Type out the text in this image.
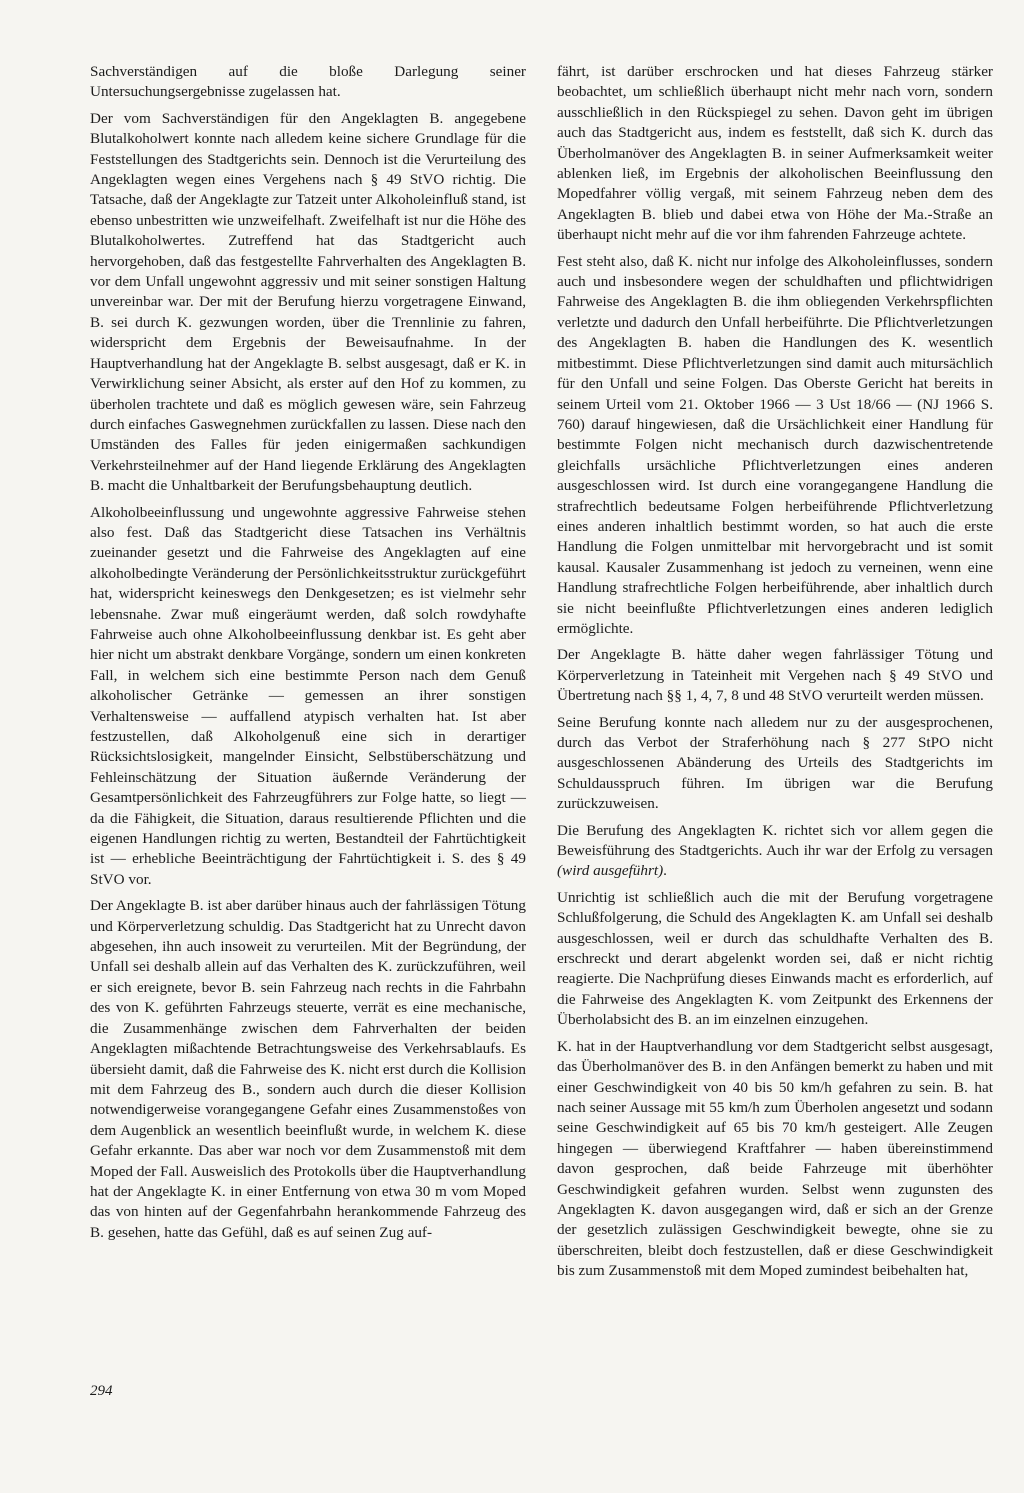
Sachverständigen auf die bloße Darlegung seiner Untersuchungsergebnisse zugelassen hat.

Der vom Sachverständigen für den Angeklagten B. angegebene Blutalkoholwert konnte nach alledem keine sichere Grundlage für die Feststellungen des Stadtgerichts sein. Dennoch ist die Verurteilung des Angeklagten wegen eines Vergehens nach § 49 StVO richtig. Die Tatsache, daß der Angeklagte zur Tatzeit unter Alkoholeinfluß stand, ist ebenso unbestritten wie unzweifelhaft. Zweifelhaft ist nur die Höhe des Blutalkoholwertes. Zutreffend hat das Stadtgericht auch hervorgehoben, daß das festgestellte Fahrverhalten des Angeklagten B. vor dem Unfall ungewohnt aggressiv und mit seiner sonstigen Haltung unvereinbar war. Der mit der Berufung hierzu vorgetragene Einwand, B. sei durch K. gezwungen worden, über die Trennlinie zu fahren, widerspricht dem Ergebnis der Beweisaufnahme. In der Hauptverhandlung hat der Angeklagte B. selbst ausgesagt, daß er K. in Verwirklichung seiner Absicht, als erster auf den Hof zu kommen, zu überholen trachtete und daß es möglich gewesen wäre, sein Fahrzeug durch einfaches Gaswegnehmen zurückfallen zu lassen. Diese nach den Umständen des Falles für jeden einigermaßen sachkundigen Verkehrsteilnehmer auf der Hand liegende Erklärung des Angeklagten B. macht die Unhaltbarkeit der Berufungsbehauptung deutlich.

Alkoholbeeinflussung und ungewohnte aggressive Fahrweise stehen also fest. Daß das Stadtgericht diese Tatsachen ins Verhältnis zueinander gesetzt und die Fahrweise des Angeklagten auf eine alkoholbedingte Veränderung der Persönlichkeitsstruktur zurückgeführt hat, widerspricht keineswegs den Denkgesetzen; es ist vielmehr sehr lebensnahe. Zwar muß eingeräumt werden, daß solch rowdyhafte Fahrweise auch ohne Alkoholbeeinflussung denkbar ist. Es geht aber hier nicht um abstrakt denkbare Vorgänge, sondern um einen konkreten Fall, in welchem sich eine bestimmte Person nach dem Genuß alkoholischer Getränke — gemessen an ihrer sonstigen Verhaltensweise — auffallend atypisch verhalten hat. Ist aber festzustellen, daß Alkoholgenuß eine sich in derartiger Rücksichtslosigkeit, mangelnder Einsicht, Selbstüberschätzung und Fehleinschätzung der Situation äußernde Veränderung der Gesamtpersönlichkeit des Fahrzeugführers zur Folge hatte, so liegt — da die Fähigkeit, die Situation, daraus resultierende Pflichten und die eigenen Handlungen richtig zu werten, Bestandteil der Fahrtüchtigkeit ist — erhebliche Beeinträchtigung der Fahrtüchtigkeit i. S. des § 49 StVO vor.

Der Angeklagte B. ist aber darüber hinaus auch der fahrlässigen Tötung und Körperverletzung schuldig. Das Stadtgericht hat zu Unrecht davon abgesehen, ihn auch insoweit zu verurteilen. Mit der Begründung, der Unfall sei deshalb allein auf das Verhalten des K. zurückzuführen, weil er sich ereignete, bevor B. sein Fahrzeug nach rechts in die Fahrbahn des von K. geführten Fahrzeugs steuerte, verrät es eine mechanische, die Zusammenhänge zwischen dem Fahrverhalten der beiden Angeklagten mißachtende Betrachtungsweise des Verkehrsablaufs. Es übersieht damit, daß die Fahrweise des K. nicht erst durch die Kollision mit dem Fahrzeug des B., sondern auch durch die dieser Kollision notwendigerweise vorangegangene Gefahr eines Zusammenstoßes von dem Augenblick an wesentlich beeinflußt wurde, in welchem K. diese Gefahr erkannte. Das aber war noch vor dem Zusammenstoß mit dem Moped der Fall. Ausweislich des Protokolls über die Hauptverhandlung hat der Angeklagte K. in einer Entfernung von etwa 30 m vom Moped das von hinten auf der Gegenfahrbahn herankommende Fahrzeug des B. gesehen, hatte das Gefühl, daß es auf seinen Zug auf-

fährt, ist darüber erschrocken und hat dieses Fahrzeug stärker beobachtet, um schließlich überhaupt nicht mehr nach vorn, sondern ausschließlich in den Rückspiegel zu sehen. Davon geht im übrigen auch das Stadtgericht aus, indem es feststellt, daß sich K. durch das Überholmanöver des Angeklagten B. in seiner Aufmerksamkeit weiter ablenken ließ, im Ergebnis der alkoholischen Beeinflussung den Mopedfahrer völlig vergaß, mit seinem Fahrzeug neben dem des Angeklagten B. blieb und dabei etwa von Höhe der Ma.-Straße an überhaupt nicht mehr auf die vor ihm fahrenden Fahrzeuge achtete.

Fest steht also, daß K. nicht nur infolge des Alkoholeinflusses, sondern auch und insbesondere wegen der schuldhaften und pflichtwidrigen Fahrweise des Angeklagten B. die ihm obliegenden Verkehrspflichten verletzte und dadurch den Unfall herbeiführte. Die Pflichtverletzungen des Angeklagten B. haben die Handlungen des K. wesentlich mitbestimmt. Diese Pflichtverletzungen sind damit auch mitursächlich für den Unfall und seine Folgen. Das Oberste Gericht hat bereits in seinem Urteil vom 21. Oktober 1966 — 3 Ust 18/66 — (NJ 1966 S. 760) darauf hingewiesen, daß die Ursächlichkeit einer Handlung für bestimmte Folgen nicht mechanisch durch dazwischentretende gleichfalls ursächliche Pflichtverletzungen eines anderen ausgeschlossen wird. Ist durch eine vorangegangene Handlung die strafrechtlich bedeutsame Folgen herbeiführende Pflichtverletzung eines anderen inhaltlich bestimmt worden, so hat auch die erste Handlung die Folgen unmittelbar mit hervorgebracht und ist somit kausal. Kausaler Zusammenhang ist jedoch zu verneinen, wenn eine Handlung strafrechtliche Folgen herbeiführende, aber inhaltlich durch sie nicht beeinflußte Pflichtverletzungen eines anderen lediglich ermöglichte.

Der Angeklagte B. hätte daher wegen fahrlässiger Tötung und Körperverletzung in Tateinheit mit Vergehen nach § 49 StVO und Übertretung nach §§ 1, 4, 7, 8 und 48 StVO verurteilt werden müssen.

Seine Berufung konnte nach alledem nur zu der ausgesprochenen, durch das Verbot der Straferhöhung nach § 277 StPO nicht ausgeschlossenen Abänderung des Urteils des Stadtgerichts im Schuldausspruch führen. Im übrigen war die Berufung zurückzuweisen.

Die Berufung des Angeklagten K. richtet sich vor allem gegen die Beweisführung des Stadtgerichts. Auch ihr war der Erfolg zu versagen (wird ausgeführt).

Unrichtig ist schließlich auch die mit der Berufung vorgetragene Schlußfolgerung, die Schuld des Angeklagten K. am Unfall sei deshalb ausgeschlossen, weil er durch das schuldhafte Verhalten des B. erschreckt und derart abgelenkt worden sei, daß er nicht richtig reagierte. Die Nachprüfung dieses Einwands macht es erforderlich, auf die Fahrweise des Angeklagten K. vom Zeitpunkt des Erkennens der Überholabsicht des B. an im einzelnen einzugehen.

K. hat in der Hauptverhandlung vor dem Stadtgericht selbst ausgesagt, das Überholmanöver des B. in den Anfängen bemerkt zu haben und mit einer Geschwindigkeit von 40 bis 50 km/h gefahren zu sein. B. hat nach seiner Aussage mit 55 km/h zum Überholen angesetzt und sodann seine Geschwindigkeit auf 65 bis 70 km/h gesteigert. Alle Zeugen hingegen — überwiegend Kraftfahrer — haben übereinstimmend davon gesprochen, daß beide Fahrzeuge mit überhöhter Geschwindigkeit gefahren wurden. Selbst wenn zugunsten des Angeklagten K. davon ausgegangen wird, daß er sich an der Grenze der gesetzlich zulässigen Geschwindigkeit bewegte, ohne sie zu überschreiten, bleibt doch festzustellen, daß er diese Geschwindigkeit bis zum Zusammenstoß mit dem Moped zumindest beibehalten hat,

294
